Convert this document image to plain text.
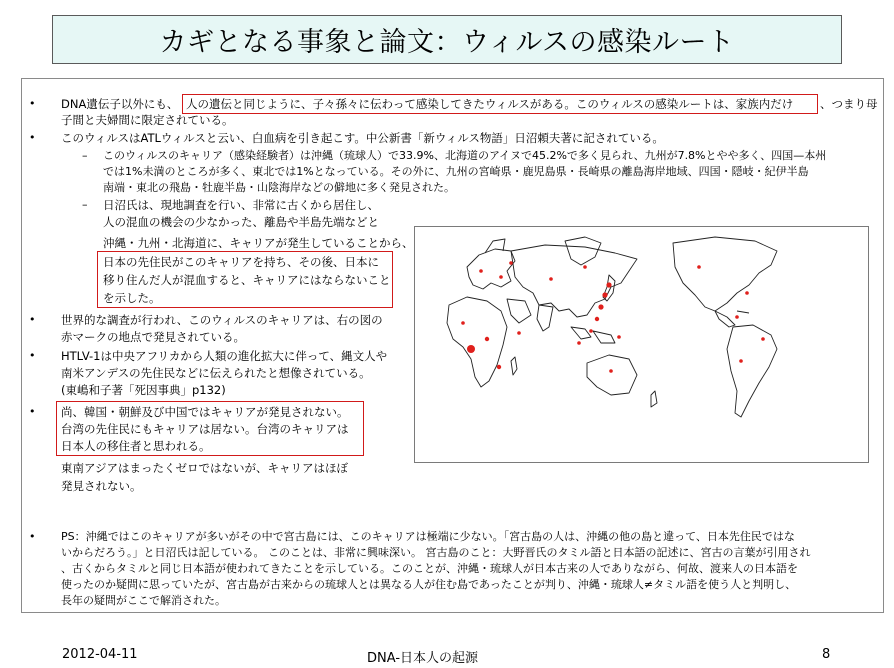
カギとなる事象と論文：ウィルスの感染ルート
• DNA遺伝子以外にも、 人の遺伝と同じように、子々孫々に伝わって感染してきたウィルスがある。このウィルスの感染ルートは、家族内だけ 、つまり母
子間と夫婦間に限定されている。
• このウィルスはATLウィルスと云い、白血病を引き起こす。中公新書「新ウィルス物語」日沼頼夫著に記されている。
– このウィルスのキャリア（感染経験者）は沖縄（琉球人）で33.9%、北海道のアイヌで45.2%で多く見られ、九州が7.8%とやや多く、四国—本州
では1%未満のところが多く、東北では1%となっている。その外に、九州の宮崎県・鹿児島県・長崎県の離島海岸地域、四国・隠岐・紀伊半島
南端・東北の飛島・牡鹿半島・山陰海岸などの僻地に多く発見された。
– 日沼氏は、現地調査を行い、非常に古くから居住し、
人の混血の機会の少なかった、離島や半島先端などと
沖縄・九州・北海道に、キャリアが発生していることから、
日本の先住民がこのキャリアを持ち、その後、日本に
移り住んだ人が混血すると、キャリアにはならないこと
を示した。
• 世界的な調査が行われ、このウィルスのキャリアは、右の図の
赤マークの地点で発見されている。
• HTLV-1は中央アフリカから人類の進化拡大に伴って、縄文人や
南米アンデスの先住民などに伝えられたと想像されている。
(東嶋和子著「死因事典」p132)
• 尚、韓国・朝鮮及び中国ではキャリアが発見されない。
台湾の先住民にもキャリアは居ない。台湾のキャリアは
日本人の移住者と思われる。
東南アジアはまったくゼロではないが、キャリアはほぼ
発見されない。
• PS：沖縄ではこのキャリアが多いがその中で宮古島には、このキャリアは極端に少ない。「宮古島の人は、沖縄の他の島と違って、日本先住民ではな
いからだろう。」と日沼氏は記している。 このことは、非常に興味深い。 宮古島のこと：大野晋氏のタミル語と日本語の記述に、宮古の言葉が引用され
、古くからタミルと同じ日本語が使われてきたことを示している。このことが、沖縄・琉球人が日本古来の人でありながら、何故、渡来人の日本語を
使ったのか疑問に思っていたが、宮古島が古来からの琉球人とは異なる人が住む島であったことが判り、沖縄・琉球人≠タミル語を使う人と判明し、
長年の疑問がここで解消された。
2012-04-11	DNA-日本人の起源	8
